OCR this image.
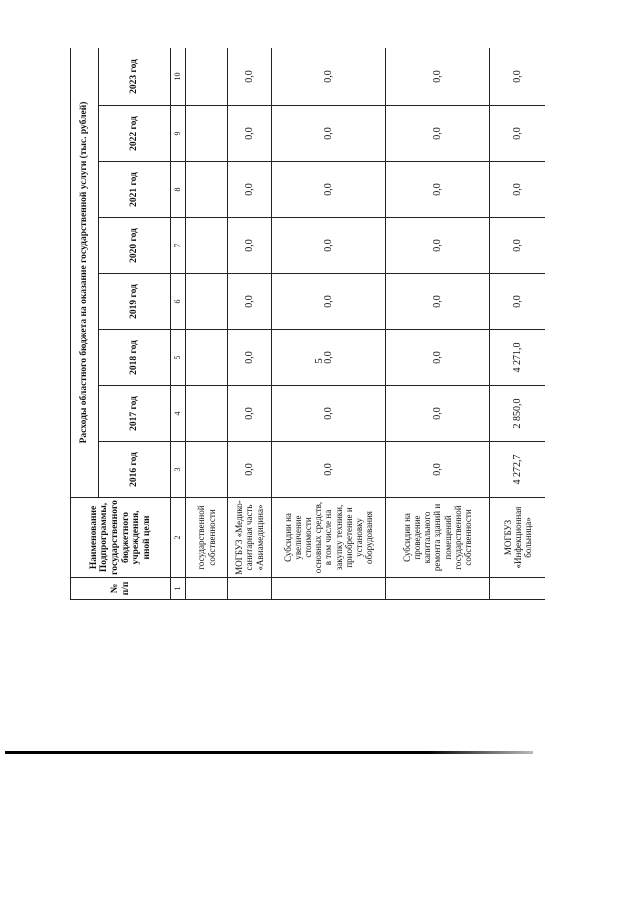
5
№ п/п	Наименование Подпрограммы, государственного бюджетного учреждения, иной цели	Расходы областного бюджета на оказание государственной услуги (тыс. рублей)							
		2016 год	2017 год	2018 год	2019 год	2020 год	2021 год	2022 год	2023 год
1	2	3	4	5	6	7	8	9	10
	государственной собственности								
	МОГБУЗ «Медико-санитарная часть «Авиамедицина»	0,0	0,0	0,0	0,0	0,0	0,0	0,0	0,0
	Субсидии на увеличение стоимости основных средств, в том числе на закупку техники, приобретение и установку оборудования	0,0	0,0	0,0	0,0	0,0	0,0	0,0	0,0
	Субсидии на проведение капитального ремонта зданий и помещений государственной собственности	0,0	0,0	0,0	0,0	0,0	0,0	0,0	0,0
	МОГБУЗ «Инфекционная больница»	4 272,7	2 850,0	4 271,0	0,0	0,0	0,0	0,0	0,0
